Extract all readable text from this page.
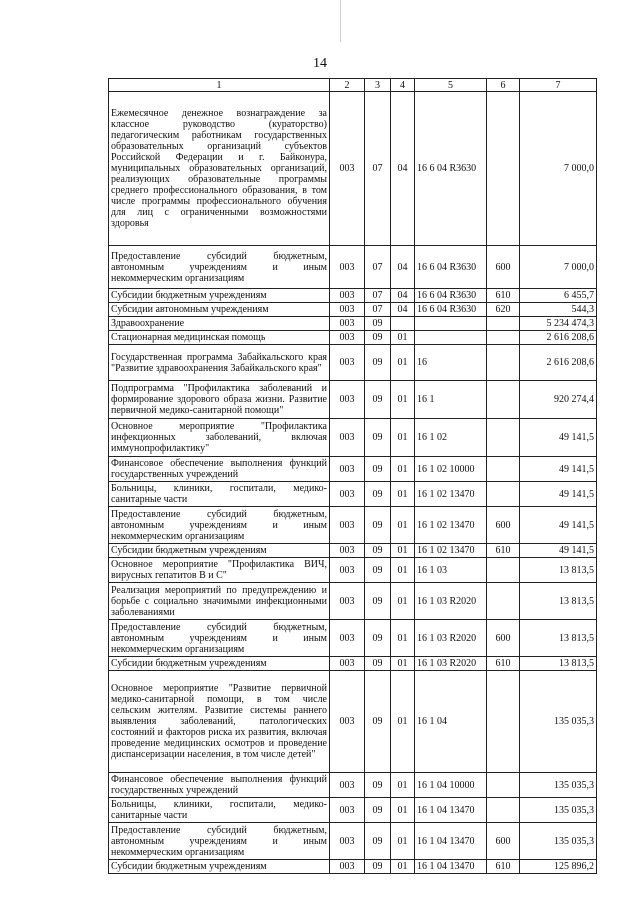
14
1	2	3	4	5	6	7
Ежемесячное денежное вознаграждение за классное руководство (кураторство) педагогическим работникам государственных образовательных организаций субъектов Российской Федерации и г. Байконура, муниципальных образовательных организаций, реализующих образовательные программы среднего профессионального образования, в том числе программы профессионального обучения для лиц с ограниченными возможностями здоровья	003	07	04	16 6 04 R3630		7 000,0
Предоставление субсидий бюджетным, автономным учреждениям и иным некоммерческим организациям	003	07	04	16 6 04 R3630	600	7 000,0
Субсидии бюджетным учреждениям	003	07	04	16 6 04 R3630	610	6 455,7
Субсидии автономным учреждениям	003	07	04	16 6 04 R3630	620	544,3
Здравоохранение	003	09				5 234 474,3
Стационарная медицинская помощь	003	09	01			2 616 208,6
Государственная программа Забайкальского края "Развитие здравоохранения Забайкальского края"	003	09	01	16		2 616 208,6
Подпрограмма "Профилактика заболеваний и формирование здорового образа жизни. Развитие первичной медико-санитарной помощи"	003	09	01	16 1		920 274,4
Основное мероприятие "Профилактика инфекционных заболеваний, включая иммунопрофилактику"	003	09	01	16 1 02		49 141,5
Финансовое обеспечение выполнения функций государственных учреждений	003	09	01	16 1 02 10000		49 141,5
Больницы, клиники, госпитали, медико-санитарные части	003	09	01	16 1 02 13470		49 141,5
Предоставление субсидий бюджетным, автономным учреждениям и иным некоммерческим организациям	003	09	01	16 1 02 13470	600	49 141,5
Субсидии бюджетным учреждениям	003	09	01	16 1 02 13470	610	49 141,5
Основное мероприятие "Профилактика ВИЧ, вирусных гепатитов В и С"	003	09	01	16 1 03		13 813,5
Реализация мероприятий по предупреждению и борьбе с социально значимыми инфекционными заболеваниями	003	09	01	16 1 03 R2020		13 813,5
Предоставление субсидий бюджетным, автономным учреждениям и иным некоммерческим организациям	003	09	01	16 1 03 R2020	600	13 813,5
Субсидии бюджетным учреждениям	003	09	01	16 1 03 R2020	610	13 813,5
Основное мероприятие "Развитие первичной медико-санитарной помощи, в том числе сельским жителям. Развитие системы раннего выявления заболеваний, патологических состояний и факторов риска их развития, включая проведение медицинских осмотров и проведение диспансеризации населения, в том числе детей"	003	09	01	16 1 04		135 035,3
Финансовое обеспечение выполнения функций государственных учреждений	003	09	01	16 1 04 10000		135 035,3
Больницы, клиники, госпитали, медико-санитарные части	003	09	01	16 1 04 13470		135 035,3
Предоставление субсидий бюджетным, автономным учреждениям и иным некоммерческим организациям	003	09	01	16 1 04 13470	600	135 035,3
Субсидии бюджетным учреждениям	003	09	01	16 1 04 13470	610	125 896,2
